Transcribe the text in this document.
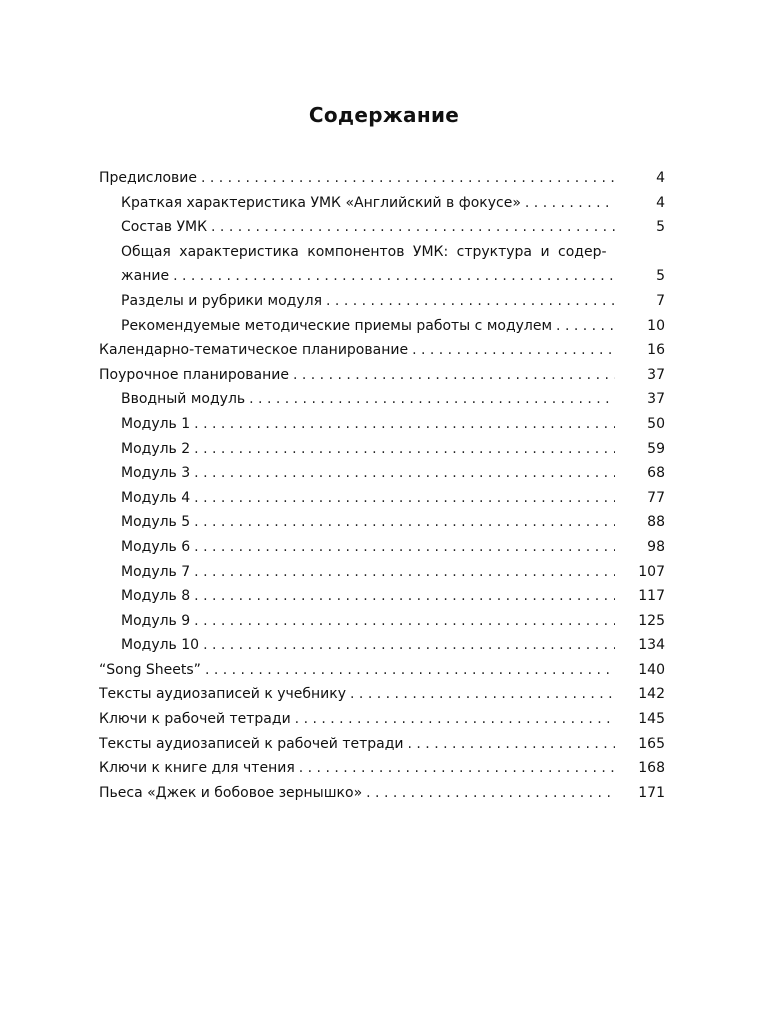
Содержание
Предисловие . . .	4
Краткая характеристика УМК «Английский в фокусе» . . .	4
Состав УМК . . .	5
Общая характеристика компонентов УМК: структура и содер-
жание . . .	5
Разделы и рубрики модуля . . .	7
Рекомендуемые методические приемы работы с модулем . . .	10
Календарно-тематическое планирование . . .	16
Поурочное планирование . . .	37
Вводный модуль . . .	37
Модуль 1 . . .	50
Модуль 2 . . .	59
Модуль 3 . . .	68
Модуль 4 . . .	77
Модуль 5 . . .	88
Модуль 6 . . .	98
Модуль 7 . . .	107
Модуль 8 . . .	117
Модуль 9 . . .	125
Модуль 10 . . .	134
“Song Sheets” . . .	140
Тексты аудиозаписей к учебнику . . .	142
Ключи к рабочей тетради . . .	145
Тексты аудиозаписей к рабочей тетради . . .	165
Ключи к книге для чтения . . .	168
Пьеса «Джек и бобовое зернышко» . . .	171
